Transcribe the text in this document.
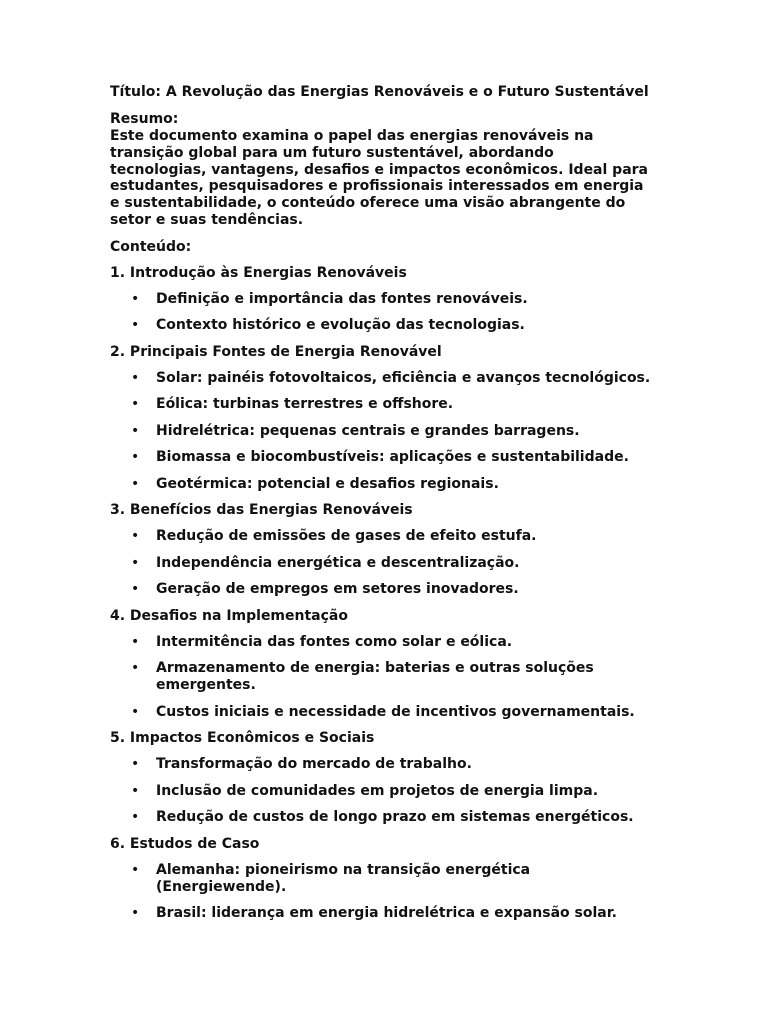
Título: A Revolução das Energias Renováveis e o Futuro Sustentável
Resumo:
Este documento examina o papel das energias renováveis na transição global para um futuro sustentável, abordando tecnologias, vantagens, desafios e impactos econômicos. Ideal para estudantes, pesquisadores e profissionais interessados em energia e sustentabilidade, o conteúdo oferece uma visão abrangente do setor e suas tendências.
Conteúdo:
1. Introdução às Energias Renováveis
• Definição e importância das fontes renováveis.
• Contexto histórico e evolução das tecnologias.
2. Principais Fontes de Energia Renovável
• Solar: painéis fotovoltaicos, eficiência e avanços tecnológicos.
• Eólica: turbinas terrestres e offshore.
• Hidrelétrica: pequenas centrais e grandes barragens.
• Biomassa e biocombustíveis: aplicações e sustentabilidade.
• Geotérmica: potencial e desafios regionais.
3. Benefícios das Energias Renováveis
• Redução de emissões de gases de efeito estufa.
• Independência energética e descentralização.
• Geração de empregos em setores inovadores.
4. Desafios na Implementação
• Intermitência das fontes como solar e eólica.
• Armazenamento de energia: baterias e outras soluções emergentes.
• Custos iniciais e necessidade de incentivos governamentais.
5. Impactos Econômicos e Sociais
• Transformação do mercado de trabalho.
• Inclusão de comunidades em projetos de energia limpa.
• Redução de custos de longo prazo em sistemas energéticos.
6. Estudos de Caso
• Alemanha: pioneirismo na transição energética (Energiewende).
• Brasil: liderança em energia hidrelétrica e expansão solar.
